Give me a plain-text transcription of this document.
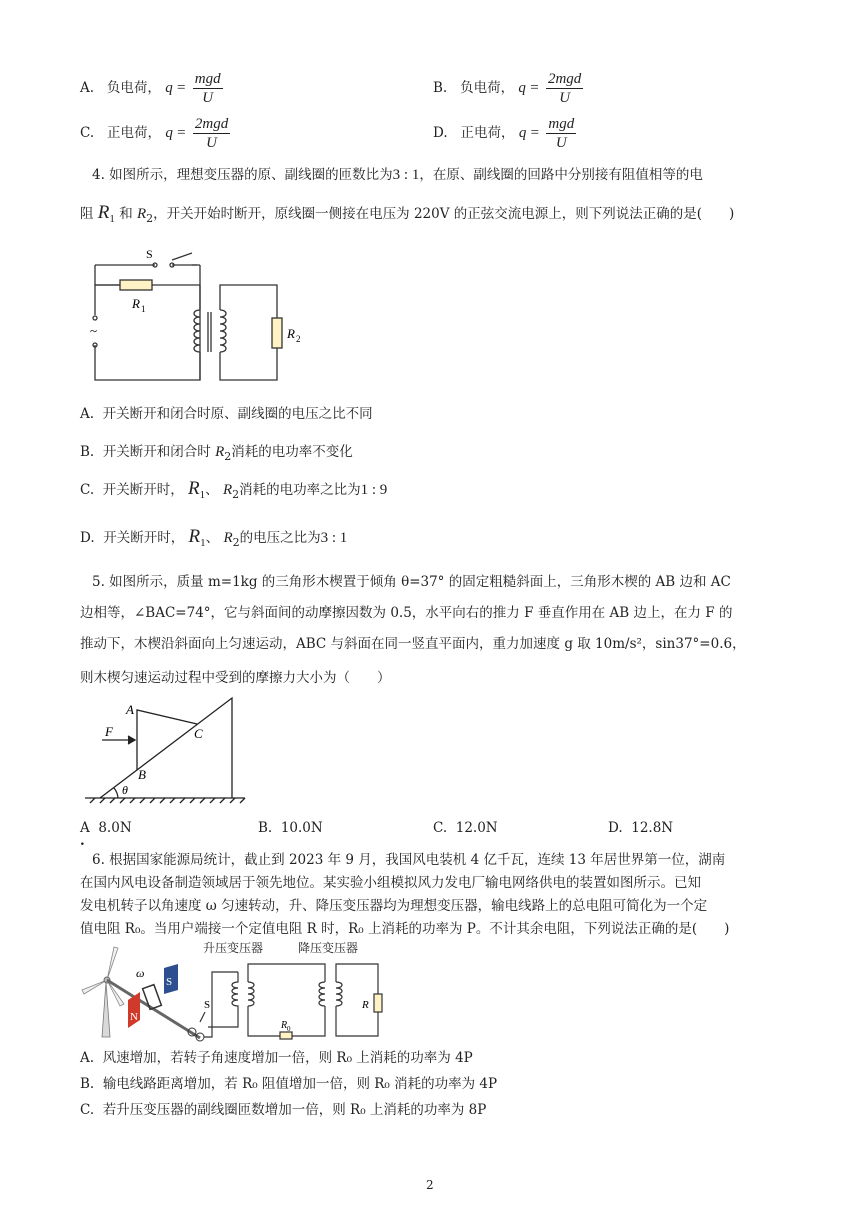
A. 负电荷， $q = \frac{\text{mgd}}{U}$	B. 负电荷， $q = \frac{\text{2mgd}}{U}$
C. 正电荷， $q = \frac{\text{2mgd}}{U}$	D. 正电荷， $q = \frac{\text{mgd}}{U}$
4. 如图所示，理想变压器的原、副线圈的匝数比为3 : 1，在原、副线圈的回路中分别接有阻值相等的电
阻 $R_1$ 和 $R_2$，开关开始时断开，原线圈一侧接在电压为 220V 的正弦交流电源上，则下列说法正确的是(　　)
S
R 1
R 2
~
A. 开关断开和闭合时原、副线圈的电压之比不同
B. 开关断开和闭合时 $R_2$消耗的电功率不变化
C. 开关断开时， $R_1$、 $R_2$消耗的电功率之比为1 : 9
D. 开关断开时， $R_1$、 $R_2$的电压之比为3 : 1
5. 如图所示，质量 m=1kg 的三角形木楔置于倾角 θ=37° 的固定粗糙斜面上，三角形木楔的 AB 边和 AC
边相等，∠BAC=74°，它与斜面间的动摩擦因数为 0.5，水平向右的推力 F 垂直作用在 AB 边上，在力 F 的
推动下，木楔沿斜面向上匀速运动，ABC 与斜面在同一竖直平面内，重力加速度 g 取 10m/s²，sin37°=0.6，
则木楔匀速运动过程中受到的摩擦力大小为（　　）
A
B
C
F
θ
A 8.0N
.
B. 10.0N	C. 12.0N	D. 12.8N
6. 根据国家能源局统计，截止到 2023 年 9 月，我国风电装机 4 亿千瓦，连续 13 年居世界第一位，湖南
在国内风电设备制造领域居于领先地位。某实验小组模拟风力发电厂输电网络供电的装置如图所示。已知
发电机转子以角速度 ω 匀速转动，升、降压变压器均为理想变压器，输电线路上的总电阻可简化为一个定
值电阻 R₀。当用户端接一个定值电阻 R 时，R₀ 上消耗的功率为 P。不计其余电阻，下列说法正确的是(　　)
N
S
ω
S
R 0
R
升压变压器	降压变压器
A. 风速增加，若转子角速度增加一倍，则 R₀ 上消耗的功率为 4P
B. 输电线路距离增加，若 R₀ 阻值增加一倍，则 R₀ 消耗的功率为 4P
C. 若升压变压器的副线圈匝数增加一倍，则 R₀ 上消耗的功率为 8P
2
